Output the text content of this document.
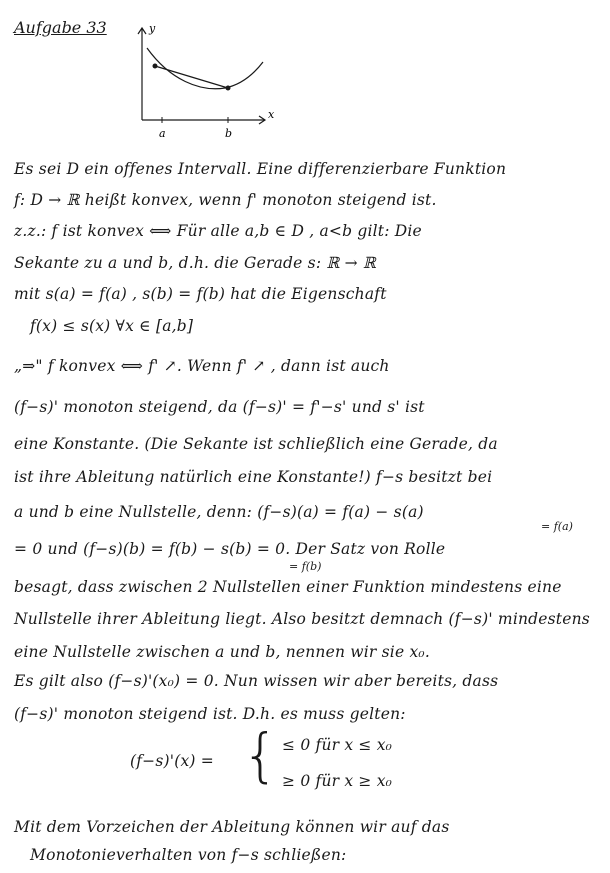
Aufgabe 33	y
x
a	b
Es sei D ein offenes Intervall. Eine differenzierbare Funktion
f: D → ℝ heißt konvex, wenn f' monoton steigend ist.
z.z.: f ist konvex ⟺ Für alle a,b ∈ D , a<b gilt: Die
Sekante zu a und b, d.h. die Gerade s: ℝ → ℝ
mit s(a) = f(a) , s(b) = f(b) hat die Eigenschaft
f(x) ≤ s(x) ∀x ∈ [a,b]
„⇒" f konvex ⟺ f' ↗. Wenn f' ↗ , dann ist auch
(f−s)' monoton steigend, da (f−s)' = f'−s' und s' ist
eine Konstante. (Die Sekante ist schließlich eine Gerade, da
ist ihre Ableitung natürlich eine Konstante!) f−s besitzt bei
a und b eine Nullstelle, denn: (f−s)(a) = f(a) − s(a)
= f(a)
= 0 und (f−s)(b) = f(b) − s(b) = 0. Der Satz von Rolle
= f(b)
besagt, dass zwischen 2 Nullstellen einer Funktion mindestens eine
Nullstelle ihrer Ableitung liegt. Also besitzt demnach (f−s)' mindestens
eine Nullstelle zwischen a und b, nennen wir sie x₀.
Es gilt also (f−s)'(x₀) = 0. Nun wissen wir aber bereits, dass
(f−s)' monoton steigend ist. D.h. es muss gelten:
(f−s)'(x) = { ≤ 0 für x ≤ x₀
≥ 0 für x ≥ x₀
Mit dem Vorzeichen der Ableitung können wir auf das
Monotonieverhalten von f−s schließen:
